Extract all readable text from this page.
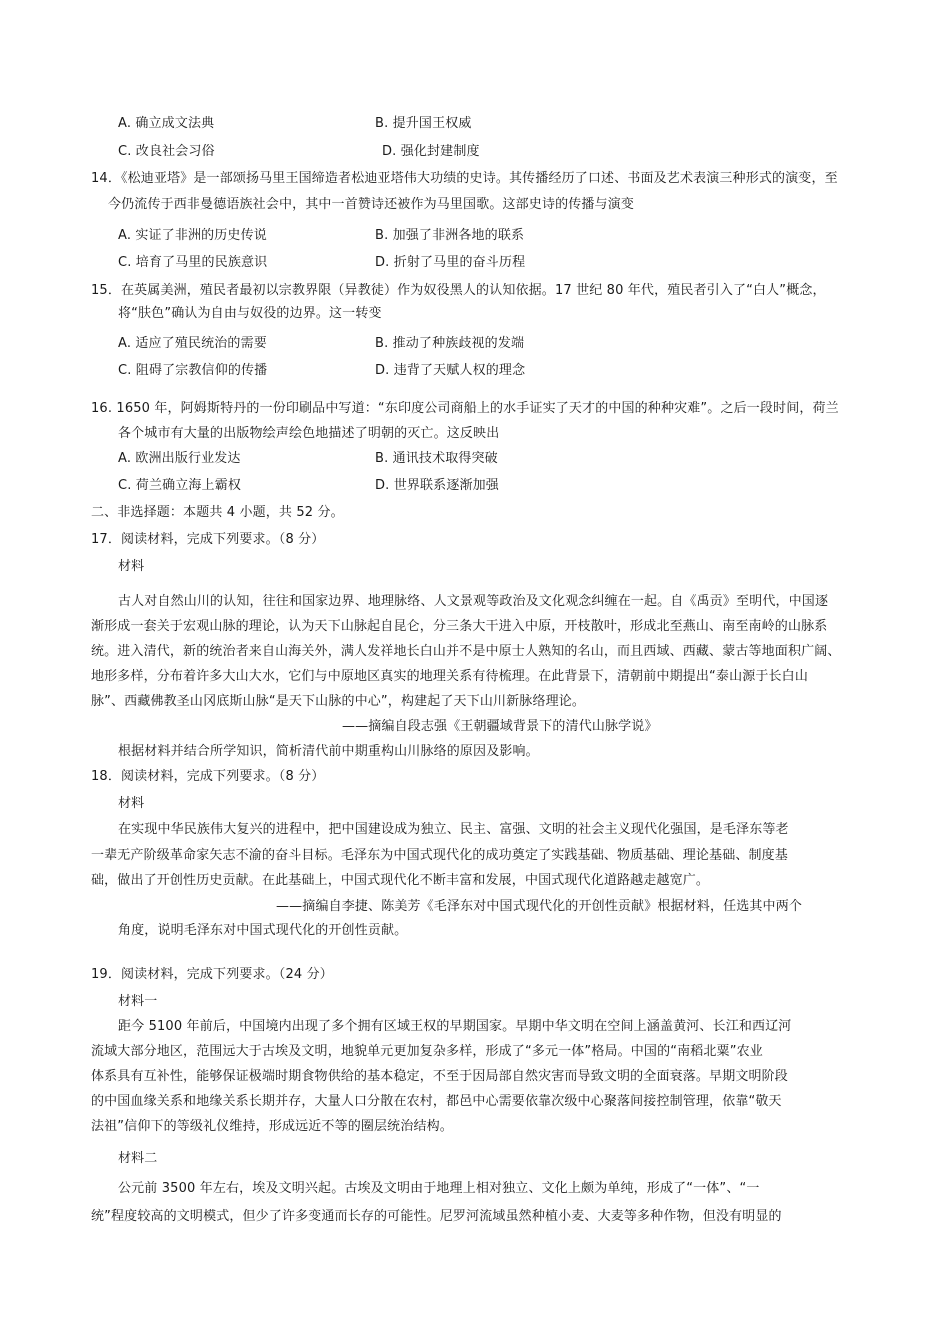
A. 确立成文法典	B. 提升国王权威
C. 改良社会习俗	D. 强化封建制度
14．《松迪亚塔》是一部颂扬马里王国缔造者松迪亚塔伟大功绩的史诗。其传播经历了口述、书面及艺术表演三种形式的演变，至
今仍流传于西非曼德语族社会中，其中一首赞诗还被作为马里国歌。这部史诗的传播与演变
A. 实证了非洲的历史传说	B. 加强了非洲各地的联系
C. 培育了马里的民族意识	D. 折射了马里的奋斗历程
15．在英属美洲，殖民者最初以宗教界限（异教徒）作为奴役黑人的认知依据。17 世纪 80 年代，殖民者引入了“白人”概念，
将“肤色”确认为自由与奴役的边界。这一转变
A. 适应了殖民统治的需要	B. 推动了种族歧视的发端
C. 阻碍了宗教信仰的传播	D. 违背了天赋人权的理念
16. 1650 年，阿姆斯特丹的一份印刷品中写道：“东印度公司商船上的水手证实了天才的中国的种种灾难”。之后一段时间，荷兰
各个城市有大量的出版物绘声绘色地描述了明朝的灭亡。这反映出
A. 欧洲出版行业发达	B. 通讯技术取得突破
C. 荷兰确立海上霸权	D. 世界联系逐渐加强
二、非选择题：本题共 4 小题，共 52 分。
17．阅读材料，完成下列要求。（8 分）
材料
古人对自然山川的认知，往往和国家边界、地理脉络、人文景观等政治及文化观念纠缠在一起。自《禹贡》至明代，中国逐
渐形成一套关于宏观山脉的理论，认为天下山脉起自昆仑，分三条大干进入中原，开枝散叶，形成北至燕山、南至南岭的山脉系
统。进入清代，新的统治者来自山海关外，满人发祥地长白山并不是中原士人熟知的名山，而且西域、西藏、蒙古等地面积广阔、
地形多样，分布着许多大山大水，它们与中原地区真实的地理关系有待梳理。在此背景下，清朝前中期提出“泰山源于长白山
脉”、西藏佛教圣山冈底斯山脉“是天下山脉的中心”，构建起了天下山川新脉络理论。
——摘编自段志强《王朝疆域背景下的清代山脉学说》
根据材料并结合所学知识，简析清代前中期重构山川脉络的原因及影响。
18．阅读材料，完成下列要求。（8 分）
材料
在实现中华民族伟大复兴的进程中，把中国建设成为独立、民主、富强、文明的社会主义现代化强国，是毛泽东等老
一辈无产阶级革命家矢志不渝的奋斗目标。毛泽东为中国式现代化的成功奠定了实践基础、物质基础、理论基础、制度基
础，做出了开创性历史贡献。在此基础上，中国式现代化不断丰富和发展，中国式现代化道路越走越宽广。
——摘编自李捷、陈美芳《毛泽东对中国式现代化的开创性贡献》根据材料，任选其中两个
角度，说明毛泽东对中国式现代化的开创性贡献。
19．阅读材料，完成下列要求。（24 分）
材料一
距今 5100 年前后，中国境内出现了多个拥有区域王权的早期国家。早期中华文明在空间上涵盖黄河、长江和西辽河
流域大部分地区，范围远大于古埃及文明，地貌单元更加复杂多样，形成了“多元一体”格局。中国的“南稻北粟”农业
体系具有互补性，能够保证极端时期食物供给的基本稳定，不至于因局部自然灾害而导致文明的全面衰落。早期文明阶段
的中国血缘关系和地缘关系长期并存，大量人口分散在农村，都邑中心需要依靠次级中心聚落间接控制管理，依靠“敬天
法祖”信仰下的等级礼仪维持，形成远近不等的圈层统治结构。
材料二
公元前 3500 年左右，埃及文明兴起。古埃及文明由于地理上相对独立、文化上颇为单纯，形成了“一体”、“一
统”程度较高的文明模式，但少了许多变通而长存的可能性。尼罗河流域虽然种植小麦、大麦等多种作物，但没有明显的
